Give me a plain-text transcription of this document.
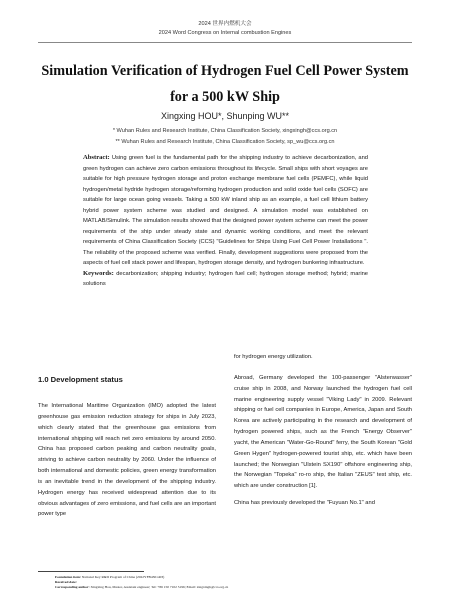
2024 世界内燃机大会
2024 Word Congress on Internal combustion Engines
Simulation Verification of Hydrogen Fuel Cell Power System
for a 500 kW Ship
Xingxing HOU*, Shunping WU**
* Wuhan Rules and Research Institute, China Classification Society, xingxingh@ccs.org.cn
** Wuhan Rules and Research Institute, China Classification Society, sp_wu@ccs.org.cn
Abstract: Using green fuel is the fundamental path for the shipping industry to achieve decarbonization, and green hydrogen can achieve zero carbon emissions throughout its lifecycle. Small ships with short voyages are suitable for high pressure hydrogen storage and proton exchange membrane fuel cells (PEMFC), while liquid hydrogen/metal hydride hydrogen storage/reforming hydrogen production and solid oxide fuel cells (SOFC) are suitable for large ocean going vessels. Taking a 500 kW inland ship as an example, a fuel cell lithium battery hybrid power system scheme was studied and designed. A simulation model was established on MATLAB/Simulink. The simulation results showed that the designed power system scheme can meet the power requirements of the ship under steady state and dynamic working conditions, and meet the relevant requirements of China Classification Society (CCS) "Guidelines for Ships Using Fuel Cell Power Installations ". The reliability of the proposed scheme was verified. Finally, development suggestions were proposed from the aspects of fuel cell stack power and lifespan, hydrogen storage density, and hydrogen bunkering infrastructure.
Keywords: decarbonization; shipping industry; hydrogen fuel cell; hydrogen storage method; hybrid; marine solutions
1.0 Development status

The International Maritime Organization (IMO) adopted the latest greenhouse gas emission reduction strategy for ships in July 2023, which clearly stated that the greenhouse gas emissions from international shipping will reach net zero emissions by around 2050. China has proposed carbon peaking and carbon neutrality goals, striving to achieve carbon neutrality by 2060. Under the influence of both international and domestic policies, green energy transformation is an inevitable trend in the development of the shipping industry. Hydrogen energy has received widespread attention due to its obvious advantages of zero emissions, and fuel cells are an important power type

for hydrogen energy utilization.

Abroad, Germany developed the 100-passenger "Alsterwasser" cruise ship in 2008, and Norway launched the hydrogen fuel cell marine engineering supply vessel "Viking Lady" in 2009. Relevant shipping or fuel cell companies in Europe, America, Japan and South Korea are actively participating in the research and development of hydrogen powered ships, such as the French "Energy Observer" yacht, the American "Water-Go-Round" ferry, the South Korean "Gold Green Hygen" hydrogen-powered tourist ship, etc. which have been launched; the Norwegian "Ulstein SX190" offshore engineering ship, the Norwegian "Topeka" ro-ro ship, the Italian "ZEUS" test ship, etc. which are under construction [1].

China has previously developed the "Fuyuan No.1" and

Foundation item: National Key R&D Program of China (2022YFB4301403)
Received date:
Corresponding author: Xingxing Hou, Master, Assistant engineer; Tel: +86 150 7102 5196; Email: xingxingh@ccs.org.cn
